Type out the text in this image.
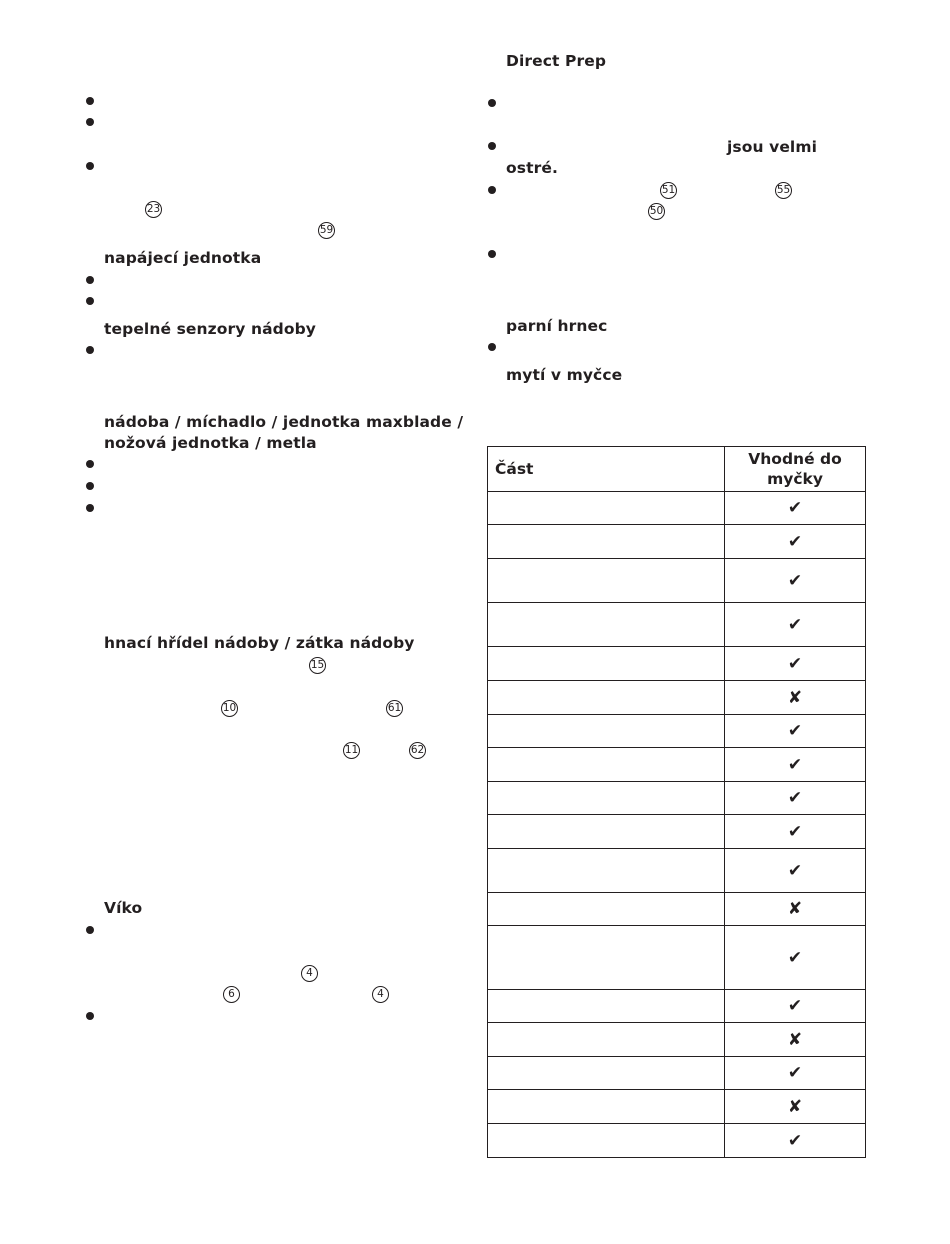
23
59
napájecí jednotka
tepelné senzory nádoby
nádoba / míchadlo / jednotka maxblade /
nožová jednotka / metla
hnací hřídel nádoby / zátka nádoby
15
10	61
11	62
Víko
4
6	4
Direct Prep
jsou velmi
ostré.
51	55
50
parní hrnec
mytí v myčce
Část	Vhodné do
myčky
	✔
	✔
	✔
	✔
	✔
	✘
	✔
	✔
	✔
	✔
	✔
	✘
	✔
	✔
	✘
	✔
	✘
	✔
